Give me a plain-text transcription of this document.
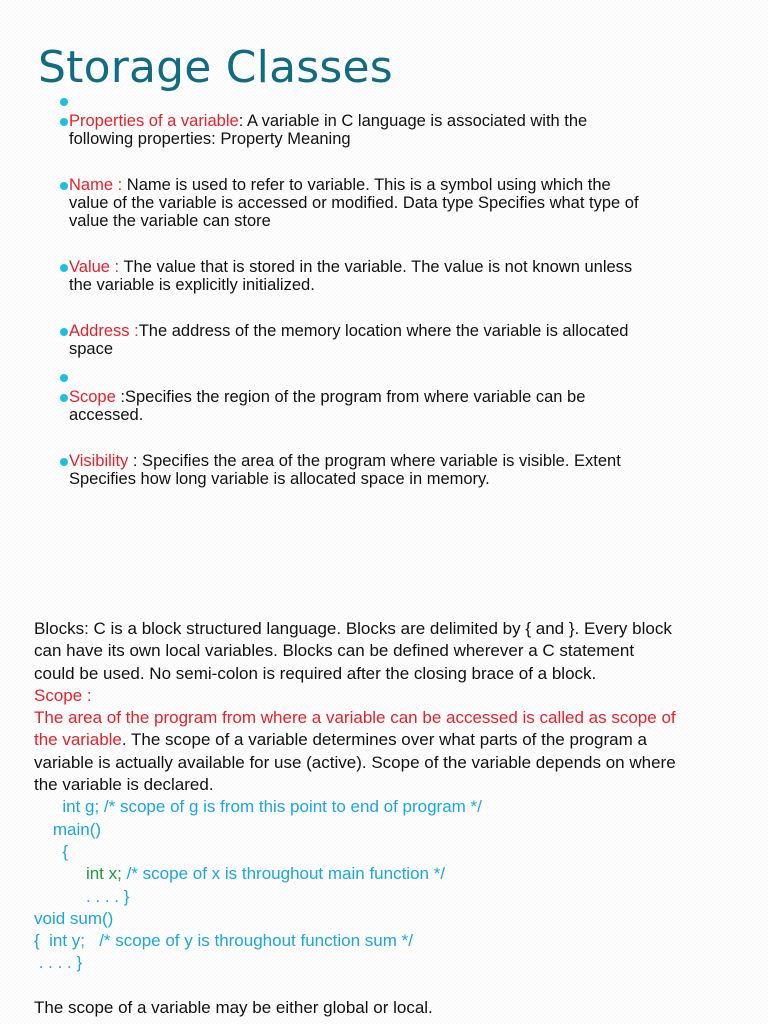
Storage Classes
Properties of a variable: A variable in C language is associated with the
following properties: Property Meaning
Name : Name is used to refer to variable. This is a symbol using which the
value of the variable is accessed or modified. Data type Specifies what type of
value the variable can store
Value : The value that is stored in the variable. The value is not known unless
the variable is explicitly initialized.
Address :The address of the memory location where the variable is allocated
space
Scope :Specifies the region of the program from where variable can be
accessed.
Visibility : Specifies the area of the program where variable is visible. Extent
Specifies how long variable is allocated space in memory.

Blocks: C is a block structured language. Blocks are delimited by { and }. Every block

can have its own local variables. Blocks can be defined wherever a C statement

could be used. No semi-colon is required after the closing brace of a block.

Scope :

The area of the program from where a variable can be accessed is called as scope of

the variable. The scope of a variable determines over what parts of the program a

variable is actually available for use (active). Scope of the variable depends on where

the variable is declared.

int g; /* scope of g is from this point to end of program */

main()

{

int x; /* scope of x is throughout main function */

. . . . }

void sum()

{  int y;   /* scope of y is throughout function sum */

. . . . }

The scope of a variable may be either global or local.
